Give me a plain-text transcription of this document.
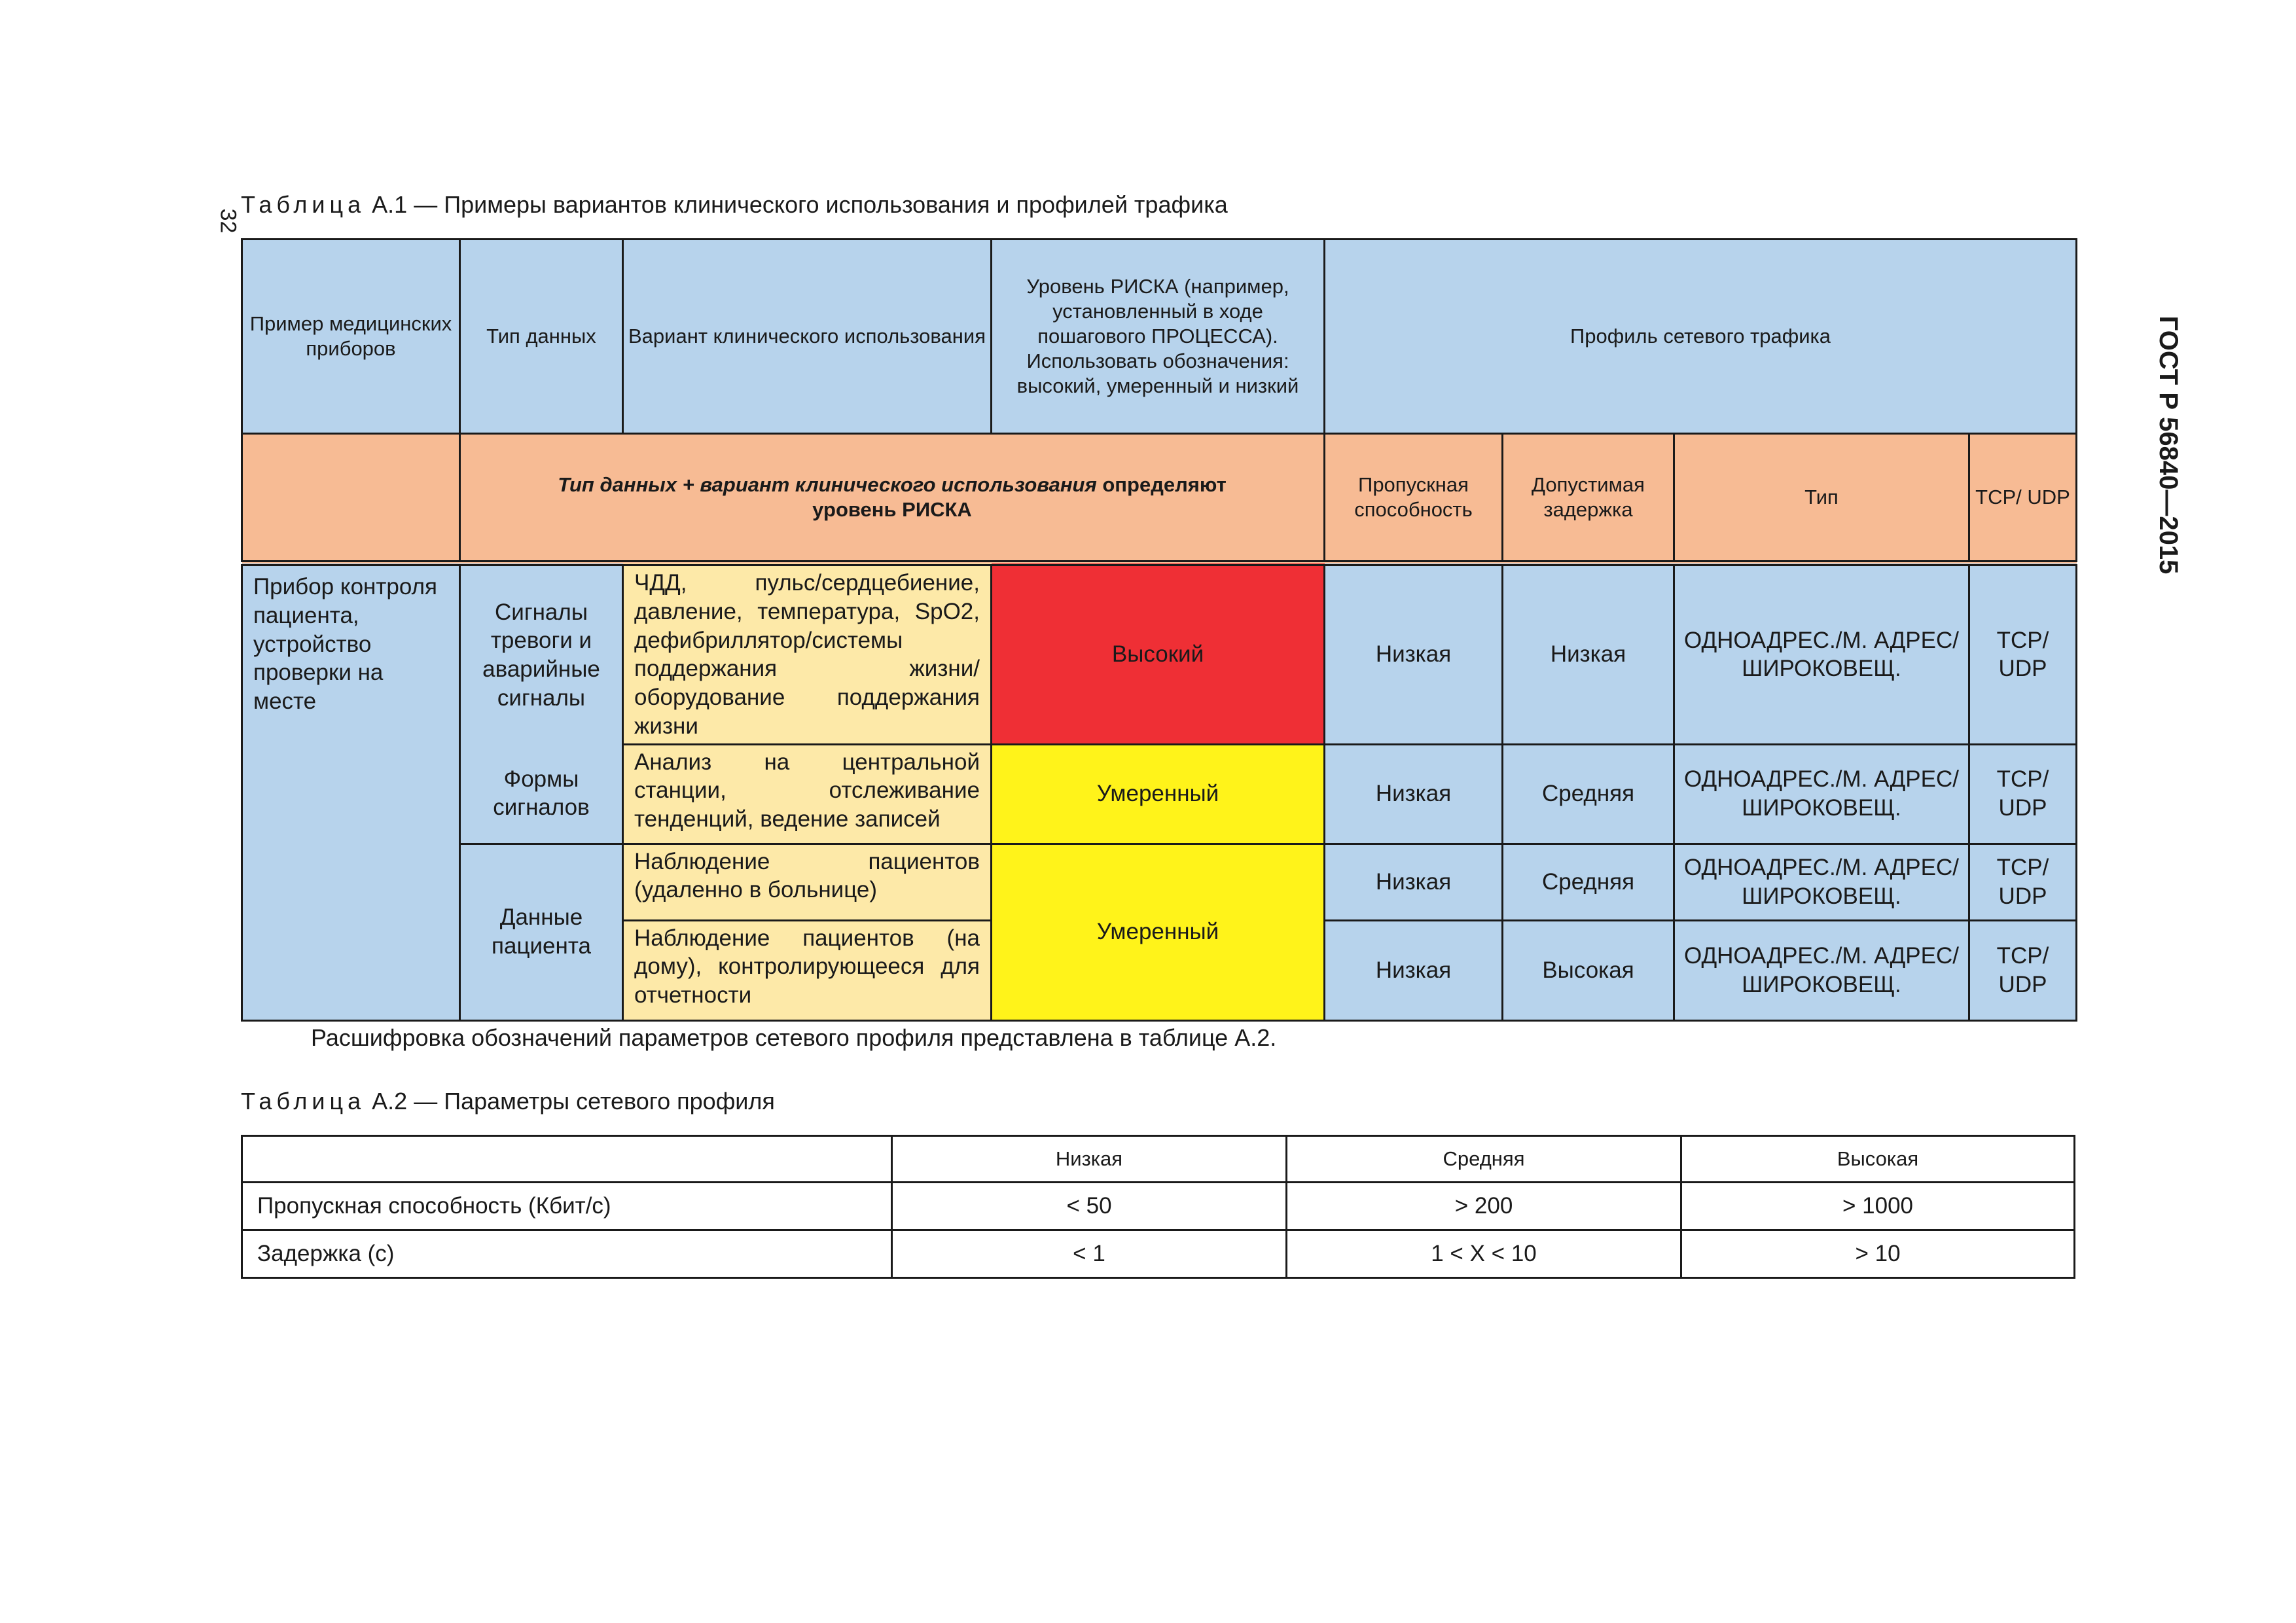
32
ГОСТ Р 56840—2015
Таблица А.1 — Примеры вариантов клинического использования и профилей трафика
Пример медицинских приборов	Тип данных	Вариант клинического использования	Уровень РИСКА (например, установленный в ходе пошагового ПРОЦЕССА). Использовать обозначения: высокий, умеренный и низкий	Профиль сетевого трафика			
	Тип данных + вариант клинического использования определяют уровень РИСКА			Пропускная способность	Допустимая задержка	Тип	TCP/ UDP
Прибор контроля пациента, устройство проверки на месте	Сигналы тревоги и аварийные сигналы	ЧДД, пульс/сердцебиение, давление, температура, SpO2, дефибриллятор/системы поддержания жизни/ оборудование поддержания жизни	Высокий	Низкая	Низкая	ОДНОАДРЕС./М. АДРЕС/ ШИРОКОВЕЩ.	TCP/ UDP
	Формы сигналов	Анализ на центральной станции, отслеживание тенденций, ведение записей	Умеренный	Низкая	Средняя	ОДНОАДРЕС./М. АДРЕС/ ШИРОКОВЕЩ.	TCP/ UDP
	Данные пациента	Наблюдение пациентов (удаленно в больнице)	Умеренный	Низкая	Средняя	ОДНОАДРЕС./М. АДРЕС/ ШИРОКОВЕЩ.	TCP/ UDP
		Наблюдение пациентов (на дому), контролирующееся для отчетности		Низкая	Высокая	ОДНОАДРЕС./М. АДРЕС/ ШИРОКОВЕЩ.	TCP/ UDP
Расшифровка обозначений параметров сетевого профиля представлена в таблице А.2.
Таблица А.2 — Параметры сетевого профиля
	Низкая	Средняя	Высокая
Пропускная способность (Кбит/с)	< 50	> 200	> 1000
Задержка (с)	< 1	1 < X < 10	> 10
